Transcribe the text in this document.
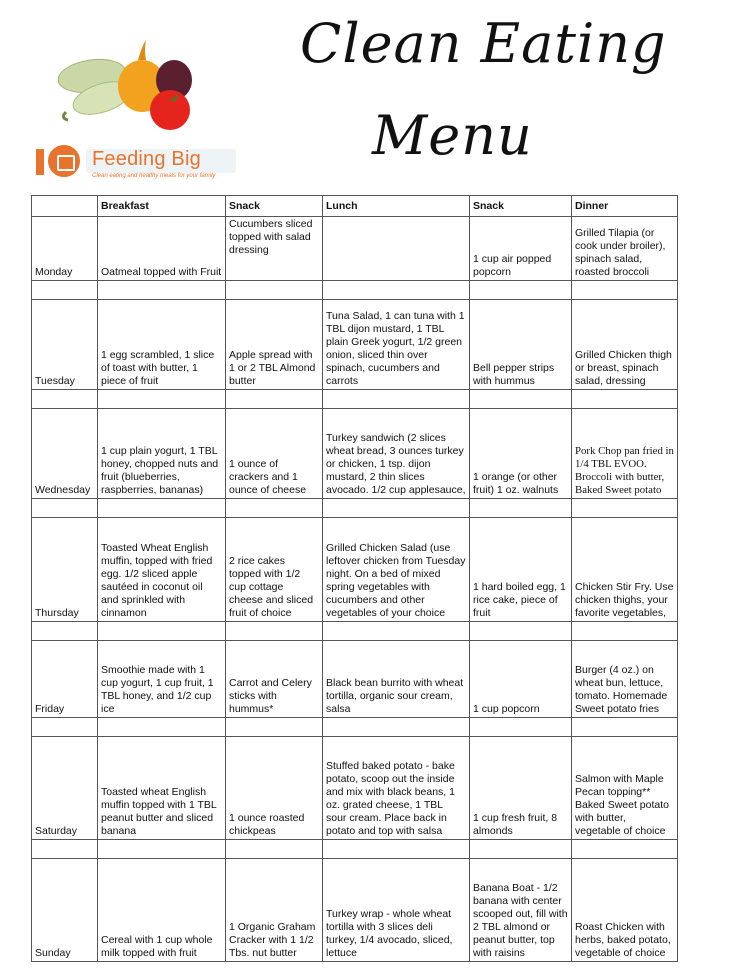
Feeding Big
Clean eating and healthy meals for your family
Clean Eating
Menu
	Breakfast	Snack	Lunch	Snack	Dinner
Monday	Oatmeal topped with Fruit	Cucumbers sliced topped with salad dressing		1 cup air popped popcorn	Grilled Tilapia (or cook under broiler), spinach salad, roasted broccoli

Tuesday	1 egg scrambled, 1 slice of toast with butter, 1 piece of fruit	Apple spread with 1 or 2 TBL Almond butter	Tuna Salad, 1 can tuna with 1 TBL dijon mustard, 1 TBL plain Greek yogurt, 1/2 green onion, sliced thin over spinach, cucumbers and carrots	Bell pepper strips with hummus	Grilled Chicken thigh or breast, spinach salad, dressing

Wednesday	1 cup plain yogurt, 1 TBL honey, chopped nuts and fruit (blueberries, raspberries, bananas)	1 ounce of crackers and 1 ounce of cheese	Turkey sandwich (2 slices wheat bread, 3 ounces turkey or chicken, 1 tsp. dijon mustard, 2 thin slices avocado. 1/2 cup applesauce,	1 orange (or other fruit) 1 oz. walnuts	Pork Chop pan fried in 1/4 TBL EVOO. Broccoli with butter, Baked Sweet potato

Thursday	Toasted Wheat English muffin, topped with fried egg. 1/2 sliced apple sautéed in coconut oil and sprinkled with cinnamon	2 rice cakes topped with 1/2 cup cottage cheese and sliced fruit of choice	Grilled Chicken Salad (use leftover chicken from Tuesday night. On a bed of mixed spring vegetables with cucumbers and other vegetables of your choice	1 hard boiled egg, 1 rice cake, piece of fruit	Chicken Stir Fry. Use chicken thighs, your favorite vegetables,

Friday	Smoothie made with 1 cup yogurt, 1 cup fruit, 1 TBL honey, and 1/2 cup ice	Carrot and Celery sticks with hummus*	Black bean burrito with wheat tortilla, organic sour cream, salsa	1 cup popcorn	Burger (4 oz.) on wheat bun, lettuce, tomato. Homemade Sweet potato fries

Saturday	Toasted wheat English muffin topped with 1 TBL peanut butter and sliced banana	1 ounce roasted chickpeas	Stuffed baked potato - bake potato, scoop out the inside and mix with black beans, 1 oz. grated cheese, 1 TBL sour cream. Place back in potato and top with salsa	1 cup fresh fruit, 8 almonds	Salmon with Maple Pecan topping** Baked Sweet potato with butter, vegetable of choice

Sunday	Cereal with 1 cup whole milk topped with fruit	1 Organic Graham Cracker with 1 1/2 Tbs. nut butter	Turkey wrap - whole wheat tortilla with 3 slices deli turkey, 1/4 avocado, sliced, lettuce	Banana Boat - 1/2 banana with center scooped out, fill with 2 TBL almond or peanut butter, top with raisins	Roast Chicken with herbs, baked potato, vegetable of choice
